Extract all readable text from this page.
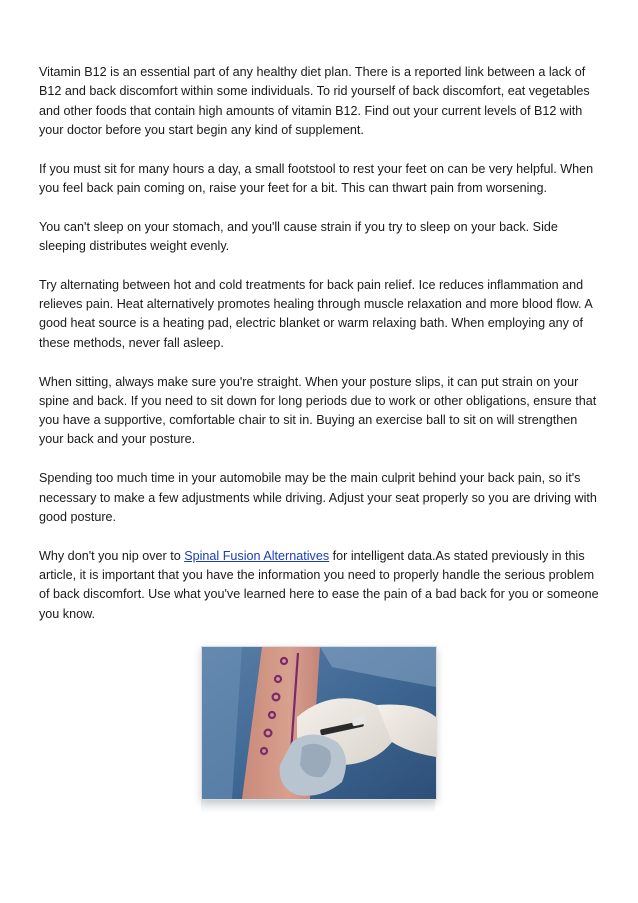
Vitamin B12 is an essential part of any healthy diet plan. There is a reported link between a lack of B12 and back discomfort within some individuals. To rid yourself of back discomfort, eat vegetables and other foods that contain high amounts of vitamin B12. Find out your current levels of B12 with your doctor before you start begin any kind of supplement.

If you must sit for many hours a day, a small footstool to rest your feet on can be very helpful. When you feel back pain coming on, raise your feet for a bit. This can thwart pain from worsening.

You can't sleep on your stomach, and you'll cause strain if you try to sleep on your back. Side sleeping distributes weight evenly.

Try alternating between hot and cold treatments for back pain relief. Ice reduces inflammation and relieves pain. Heat alternatively promotes healing through muscle relaxation and more blood flow. A good heat source is a heating pad, electric blanket or warm relaxing bath. When employing any of these methods, never fall asleep.

When sitting, always make sure you're straight. When your posture slips, it can put strain on your spine and back. If you need to sit down for long periods due to work or other obligations, ensure that you have a supportive, comfortable chair to sit in. Buying an exercise ball to sit on will strengthen your back and your posture.

Spending too much time in your automobile may be the main culprit behind your back pain, so it's necessary to make a few adjustments while driving. Adjust your seat properly so you are driving with good posture.

Why don't you nip over to Spinal Fusion Alternatives for intelligent data.As stated previously in this article, it is important that you have the information you need to properly handle the serious problem of back discomfort. Use what you've learned here to ease the pain of a bad back for you or someone you know.
